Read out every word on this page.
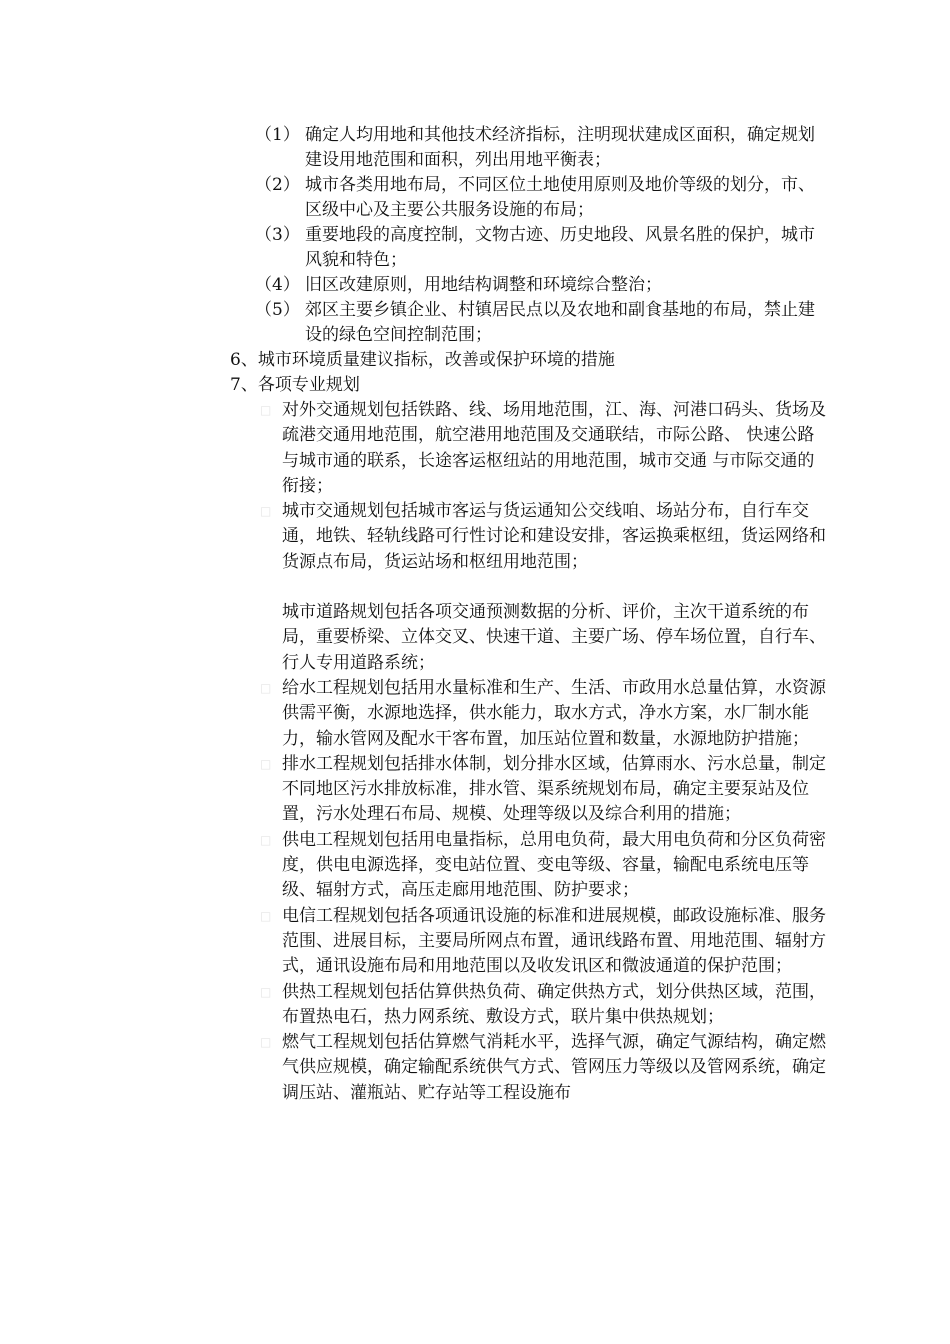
（1） 确定人均用地和其他技术经济指标，注明现状建成区面积，确定规划建设用地范围和面积，列出用地平衡表；
（2） 城市各类用地布局，不同区位土地使用原则及地价等级的划分，市、区级中心及主要公共服务设施的布局；
（3） 重要地段的高度控制，文物古迹、历史地段、风景名胜的保护，城市风貌和特色；
（4） 旧区改建原则，用地结构调整和环境综合整治；
（5） 郊区主要乡镇企业、村镇居民点以及农地和副食基地的布局，禁止建设的绿色空间控制范围；
6、城市环境质量建议指标，改善或保护环境的措施
7、各项专业规划
□ 对外交通规划包括铁路、线、场用地范围，江、海、河港口码头、货场及疏港交通用地范围，航空港用地范围及交通联结，市际公路、 快速公路与城市通的联系，长途客运枢纽站的用地范围，城市交通 与市际交通的衔接；
□ 城市交通规划包括城市客运与货运通知公交线咱、场站分布，自行车交通，地铁、轻轨线路可行性讨论和建设安排，客运换乘枢纽，货运网络和货源点布局，货运站场和枢纽用地范围；
城市道路规划包括各项交通预测数据的分析、评价，主次干道系统的布局，重要桥梁、立体交叉、快速干道、主要广场、停车场位置，自行车、行人专用道路系统；
□ 给水工程规划包括用水量标准和生产、生活、市政用水总量估算，水资源供需平衡，水源地选择，供水能力，取水方式，净水方案，水厂制水能力，输水管网及配水干客布置，加压站位置和数量，水源地防护措施；
□ 排水工程规划包括排水体制，划分排水区域，估算雨水、污水总量，制定不同地区污水排放标准，排水管、渠系统规划布局，确定主要泵站及位置，污水处理石布局、规模、处理等级以及综合利用的措施；
□ 供电工程规划包括用电量指标，总用电负荷，最大用电负荷和分区负荷密度，供电电源选择，变电站位置、变电等级、容量，输配电系统电压等级、辐射方式，高压走廊用地范围、防护要求；
□ 电信工程规划包括各项通讯设施的标准和进展规模，邮政设施标准、服务范围、进展目标，主要局所网点布置，通讯线路布置、用地范围、辐射方式，通讯设施布局和用地范围以及收发讯区和微波通道的保护范围；
□ 供热工程规划包括估算供热负荷、确定供热方式，划分供热区域，范围，布置热电石，热力网系统、敷设方式，联片集中供热规划；
□ 燃气工程规划包括估算燃气消耗水平，选择气源，确定气源结构，确定燃气供应规模，确定输配系统供气方式、管网压力等级以及管网系统，确定调压站、灌瓶站、贮存站等工程设施布
